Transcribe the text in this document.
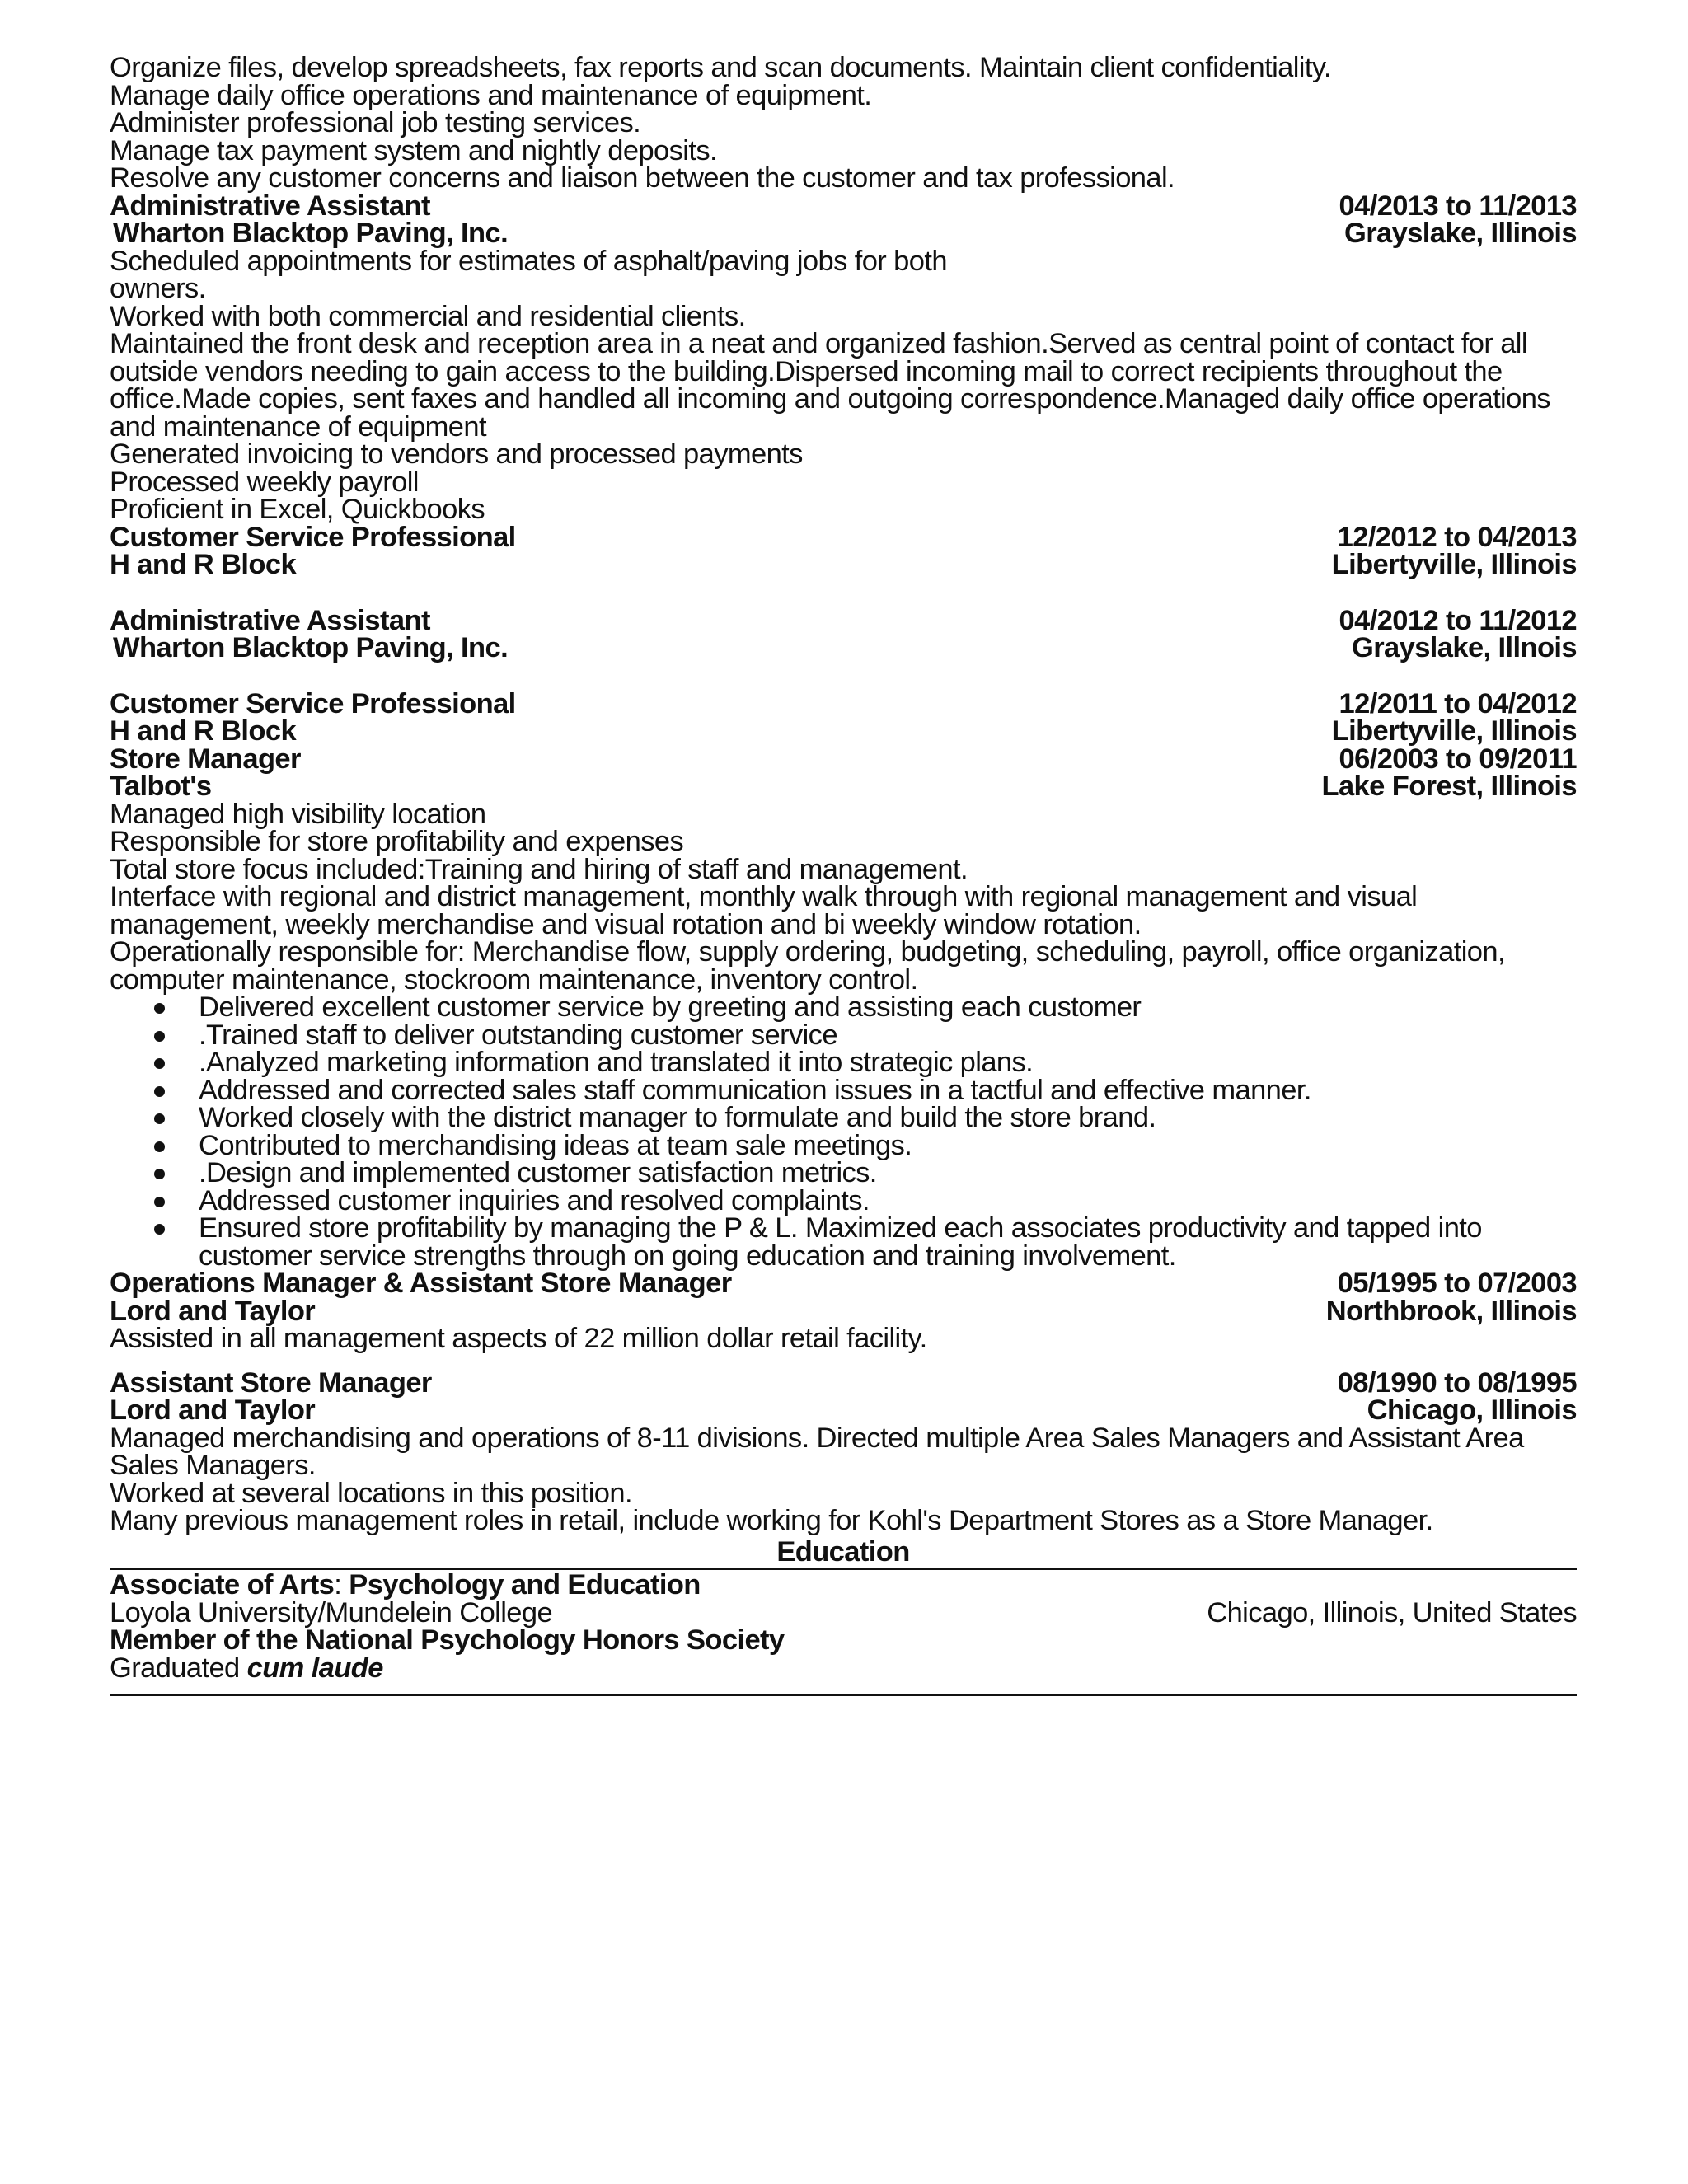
Organize files, develop spreadsheets, fax reports and scan documents. Maintain client confidentiality.
Manage daily office operations and maintenance of equipment.
Administer professional job testing services.
Manage tax payment system and nightly deposits.
Resolve any customer concerns and liaison between the customer and tax professional.
Administrative Assistant	04/2013 to 11/2013
Wharton Blacktop Paving, Inc.	Grayslake, Illinois
Scheduled appointments for estimates of asphalt/paving jobs for both
owners.
Worked with both commercial and residential clients.
Maintained the front desk and reception area in a neat and organized fashion.Served as central point of contact for all
outside vendors needing to gain access to the building.Dispersed incoming mail to correct recipients throughout the
office.Made copies, sent faxes and handled all incoming and outgoing correspondence.Managed daily office operations
and maintenance of equipment
Generated invoicing to vendors and processed payments
Processed weekly payroll
Proficient in Excel, Quickbooks
Customer Service Professional	12/2012 to 04/2013
H and R Block	Libertyville, Illinois
Administrative Assistant	04/2012 to 11/2012
Wharton Blacktop Paving, Inc.	Grayslake, Illnois
Customer Service Professional	12/2011 to 04/2012
H and R Block	Libertyville, Illinois
Store Manager	06/2003 to 09/2011
Talbot's	Lake Forest, Illinois
Managed high visibility location
Responsible for store profitability and expenses
Total store focus included:Training and hiring of staff and management.
Interface with regional and district management, monthly walk through with regional management and visual
management, weekly merchandise and visual rotation and bi weekly window rotation.
Operationally responsible for: Merchandise flow, supply ordering, budgeting, scheduling, payroll, office organization,
computer maintenance, stockroom maintenance, inventory control.
Delivered excellent customer service by greeting and assisting each customer
.Trained staff to deliver outstanding customer service
.Analyzed marketing information and translated it into strategic plans.
Addressed and corrected sales staff communication issues in a tactful and effective manner.
Worked closely with the district manager to formulate and build the store brand.
Contributed to merchandising ideas at team sale meetings.
.Design and implemented customer satisfaction metrics.
Addressed customer inquiries and resolved complaints.
Ensured store profitability by managing the P & L. Maximized each associates productivity and tapped into customer service strengths through on going education and training involvement.
Operations Manager & Assistant Store Manager	05/1995 to 07/2003
Lord and Taylor	Northbrook, Illinois
Assisted in all management aspects of 22 million dollar retail facility.
Assistant Store Manager	08/1990 to 08/1995
Lord and Taylor	Chicago, Illinois
Managed merchandising and operations of 8-11 divisions. Directed multiple Area Sales Managers and Assistant Area
Sales Managers.
Worked at several locations in this position.
Many previous management roles in retail, include working for Kohl's Department Stores as a Store Manager.
Education
Associate of Arts: Psychology and Education
Loyola University/Mundelein College	Chicago, Illinois, United States
Member of the National Psychology Honors Society
Graduated cum laude
